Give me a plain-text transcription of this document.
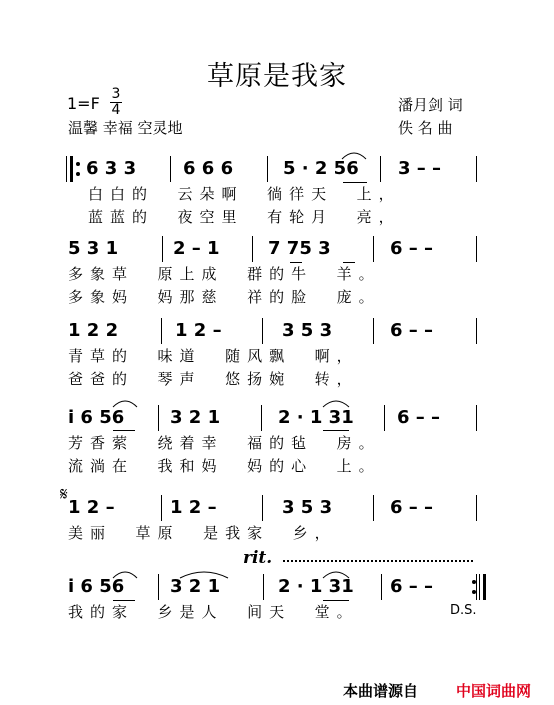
草原是我家
1=F 3
4
温馨 幸福 空灵地
潘月剑 词
佚 名 曲
𝄋
6 3 3	6 6 6	5 · 2 56 3 – –
白白的  云朵啊  徜徉天  上，
蓝蓝的  夜空里  有轮月  亮，
5 3 1	2 – 1	7 75 3	6 – –
多象草  原上成  群的牛  羊。
多象妈  妈那慈  祥的脸  庞。
1 2 2	1 2 –	3 5 3	6 – –
青草的  味道  随风飘  啊，
爸爸的  琴声  悠扬婉  转，
i 6 56	3 2 1	2 · 1 31 6 – –
芳香萦  绕着幸  福的毡  房。
流淌在  我和妈  妈的心  上。
1 2 –	1 2 –	3 5 3	6 – –
美丽  草原  是我家  乡，
i 6 56	3 2 1	2 · 1 31 6 – –
我的家  乡是人  间天  堂。
rit.
D.S.
本曲谱源自	中国词曲网
